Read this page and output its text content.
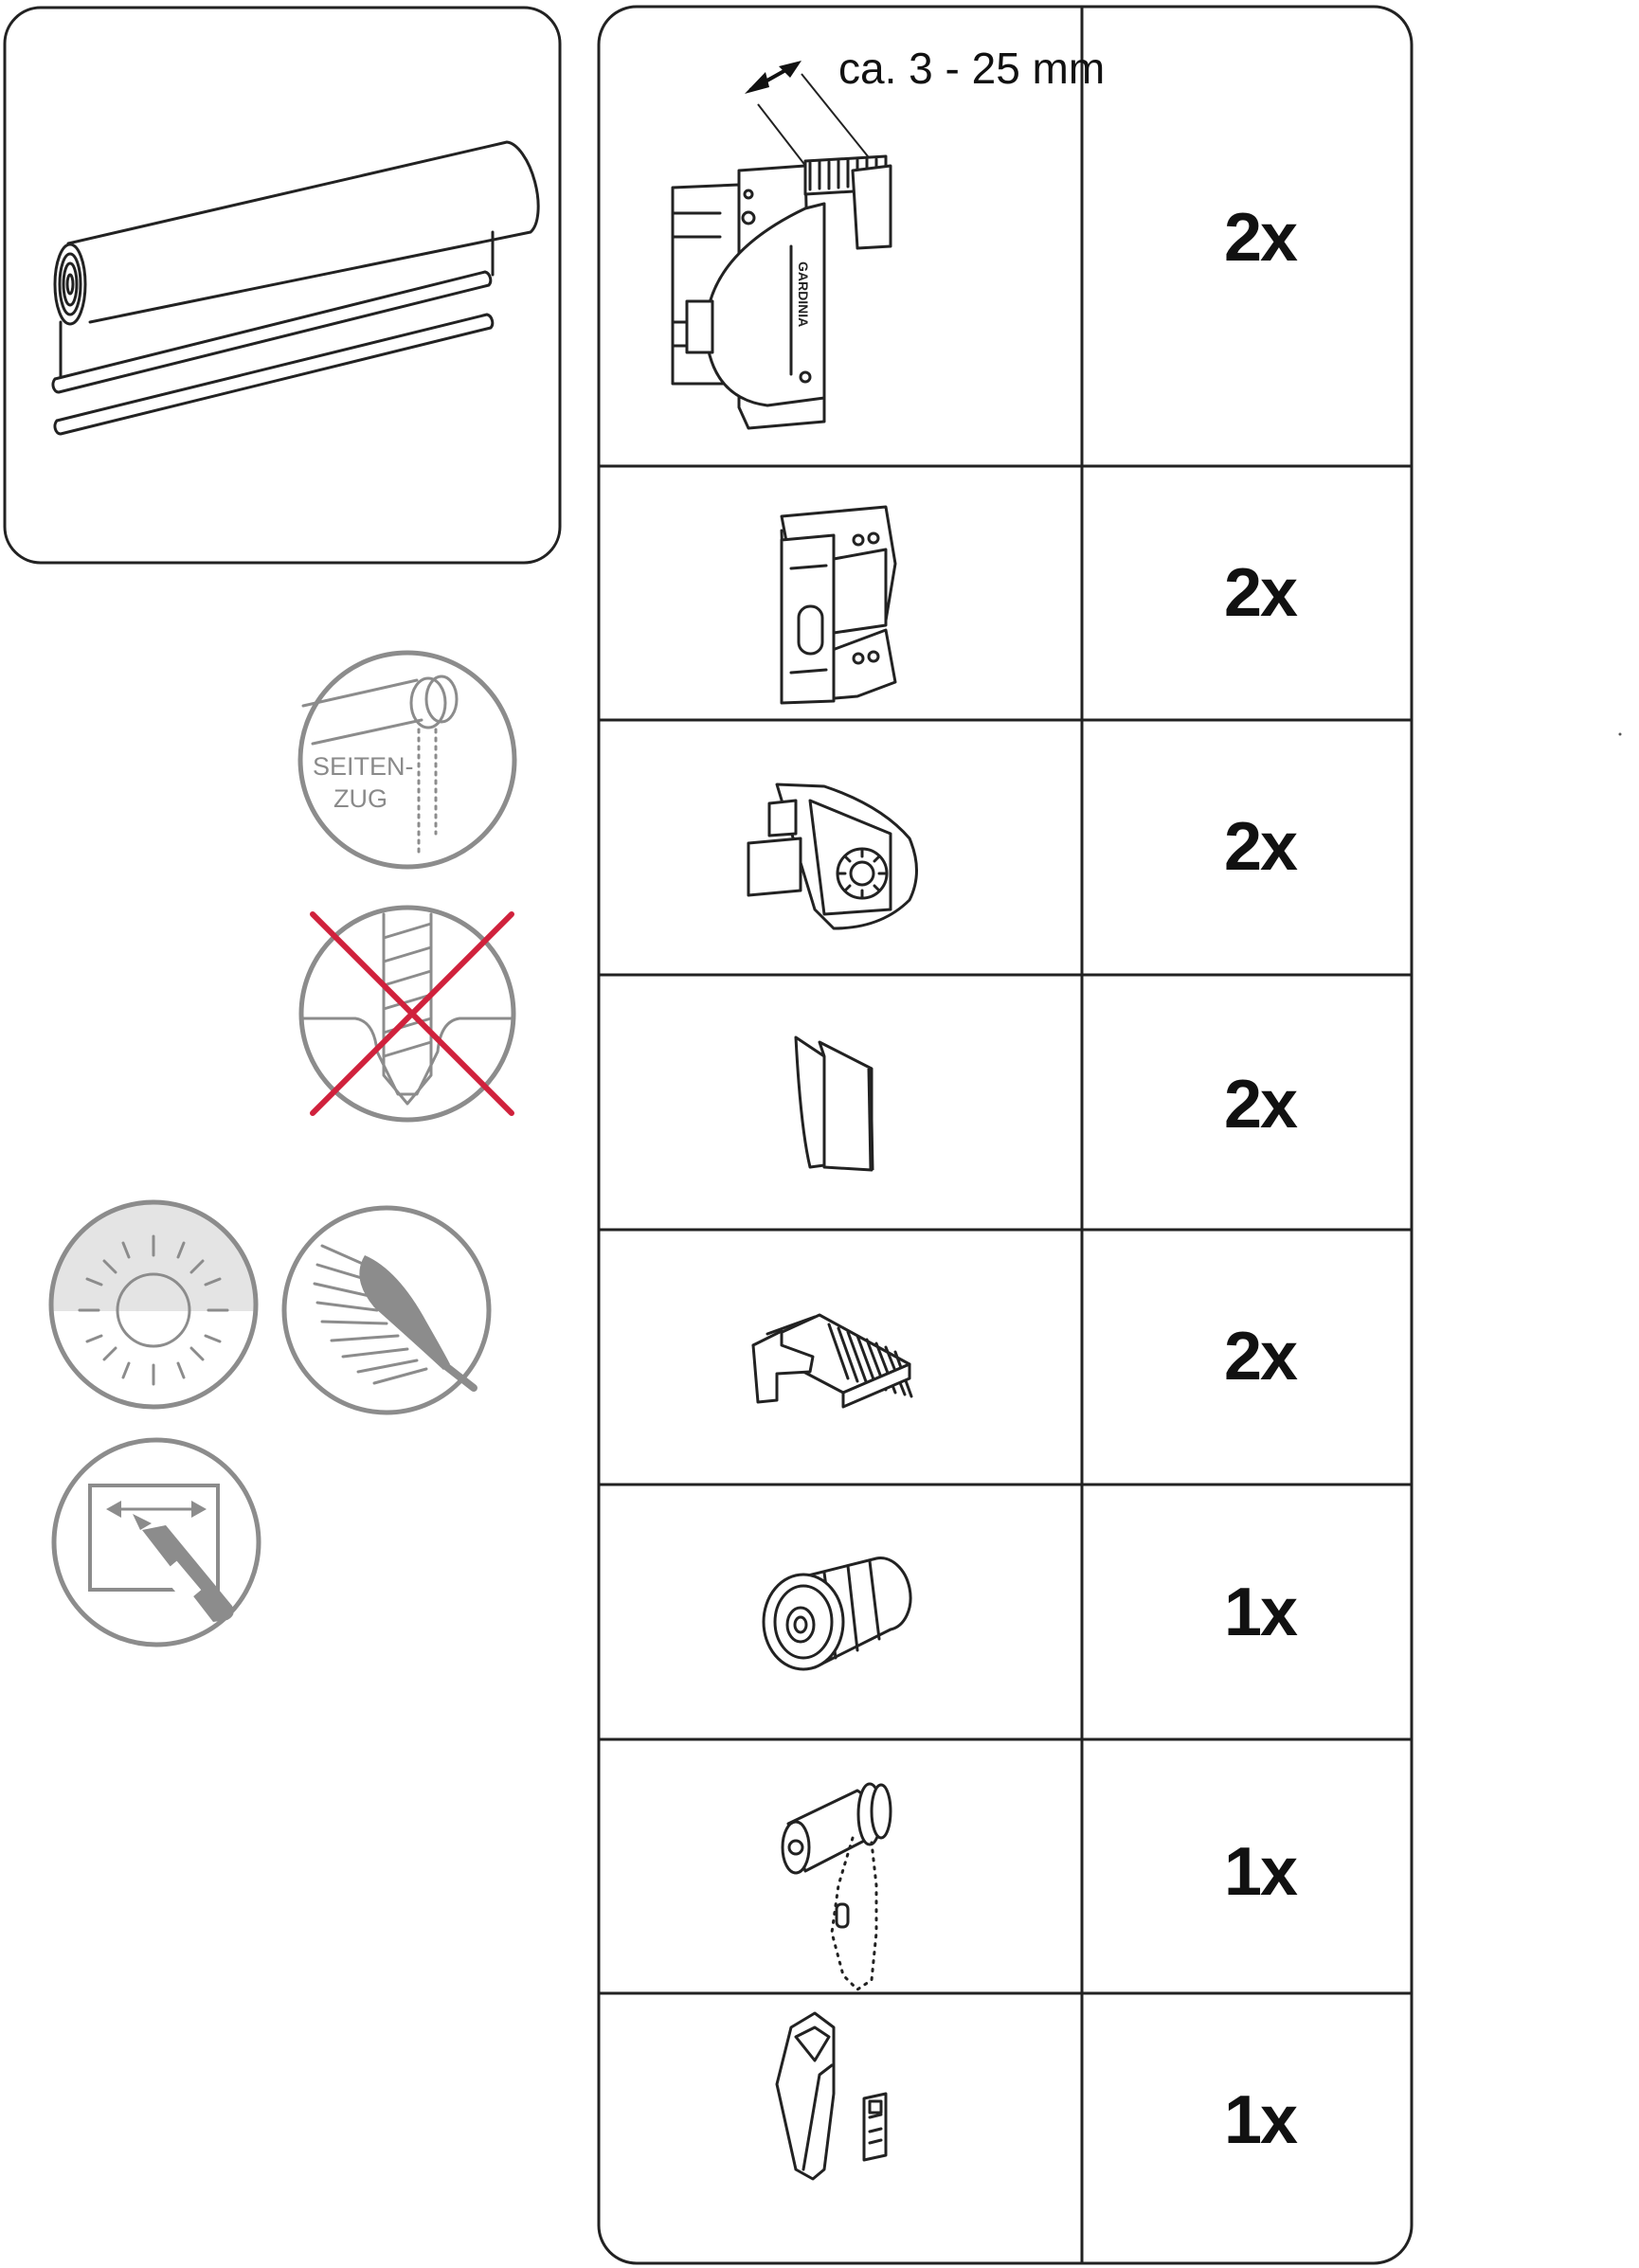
SEITEN-
ZUG
ca. 3 - 25 mm
GARDINIA
2x
2x
2x
2x
2x
1x
1x
1x
